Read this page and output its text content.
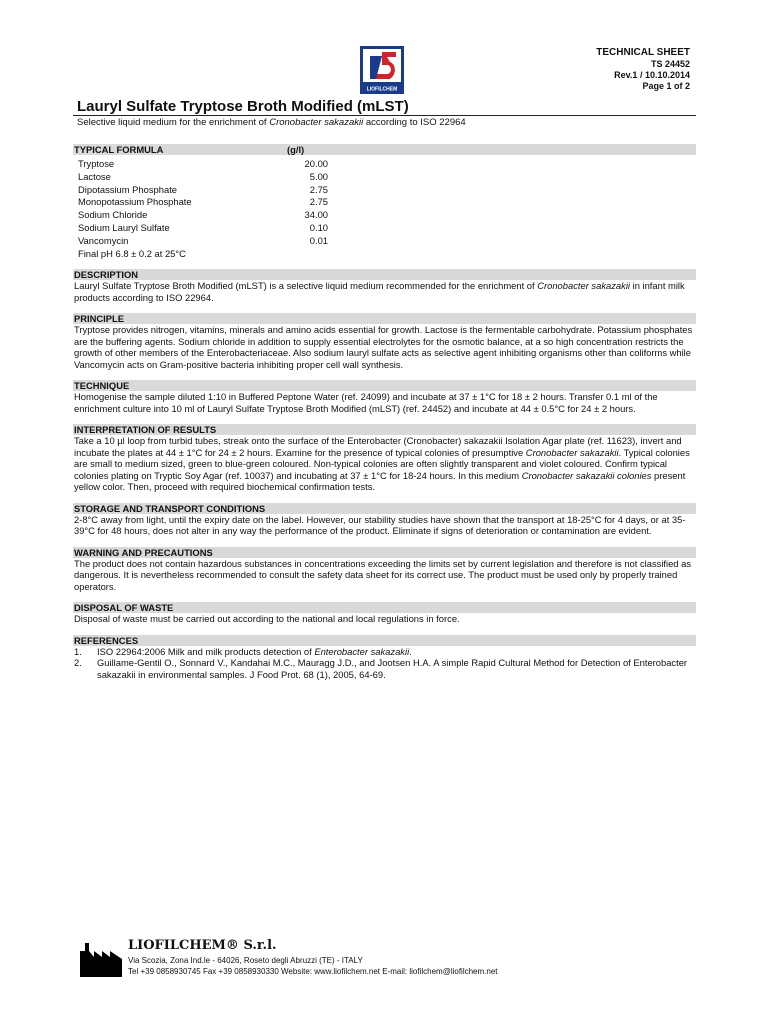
LIOFILCHEM
LIOFILCHEM	LIOFILCHEM
TECHNICAL SHEET
TS 24452
Rev.1 / 10.10.2014
Page 1 of 2
Lauryl Sulfate Tryptose Broth Modified (mLST)
Selective liquid medium for the enrichment of Cronobacter sakazakii according to ISO 22964
TYPICAL FORMULA	(g/l)
Tryptose	20.00
Lactose	5.00
Dipotassium Phosphate	2.75
Monopotassium Phosphate	2.75
Sodium Chloride	34.00
Sodium Lauryl Sulfate	0.10
Vancomycin	0.01
Final pH 6.8 ± 0.2 at 25°C
DESCRIPTION

Lauryl Sulfate Tryptose Broth Modified (mLST) is a selective liquid medium recommended for the enrichment of Cronobacter sakazakii in infant milk products according to ISO 22964.

PRINCIPLE

Tryptose provides nitrogen, vitamins, minerals and amino acids essential for growth. Lactose is the fermentable carbohydrate. Potassium phosphates are the buffering agents. Sodium chloride in addition to supply essential electrolytes for the osmotic balance, at a so high concentration restricts the growth of other members of the Enterobacteriaceae. Also sodium lauryl sulfate acts as selective agent inhibiting organisms other than coliforms while Vancomycin acts on Gram-positive bacteria inhibiting proper cell wall synthesis.

TECHNIQUE

Homogenise the sample diluted 1:10 in Buffered Peptone Water (ref. 24099) and incubate at 37 ± 1°C for 18 ± 2 hours. Transfer 0.1 ml of the enrichment culture into 10 ml of Lauryl Sulfate Tryptose Broth Modified (mLST) (ref. 24452) and incubate at 44 ± 0.5°C for 24 ± 2 hours.

INTERPRETATION OF RESULTS

Take a 10 µl loop from turbid tubes, streak onto the surface of the Enterobacter (Cronobacter) sakazakii Isolation Agar plate (ref. 11623), invert and incubate the plates at 44 ± 1°C for 24 ± 2 hours. Examine for the presence of typical colonies of presumptive Cronobacter sakazakii. Typical colonies are small to medium sized, green to blue-green coloured. Non-typical colonies are often slightly transparent and violet coloured. Confirm typical colonies plating on Tryptic Soy Agar (ref. 10037) and incubating at 37 ± 1°C for 18-24 hours. In this medium Cronobacter sakazakii colonies present yellow color. Then, proceed with required biochemical confirmation tests.

STORAGE AND TRANSPORT CONDITIONS

2-8°C away from light, until the expiry date on the label. However, our stability studies have shown that the transport at 18-25°C for 4 days, or at 35-39°C for 48 hours, does not alter in any way the performance of the product. Eliminate if signs of deterioration or contamination are evident.

WARNING AND PRECAUTIONS

The product does not contain hazardous substances in concentrations exceeding the limits set by current legislation and therefore is not classified as dangerous. It is nevertheless recommended to consult the safety data sheet for its correct use. The product must be used only by properly trained operators.

DISPOSAL OF WASTE

Disposal of waste must be carried out according to the national and local regulations in force.

REFERENCES
1. ISO 22964:2006 Milk and milk products detection of Enterobacter sakazakii.
2. Guillame-Gentil O., Sonnard V., Kandahai M.C., Mauragg J.D., and Jootsen H.A. A simple Rapid Cultural Method for Detection of Enterobacter sakazakii in environmental samples. J Food Prot. 68 (1), 2005, 64-69.
LIOFILCHEM® S.r.l.
Via Scozia, Zona Ind.le - 64026, Roseto degli Abruzzi (TE) - ITALY
Tel +39 0858930745 Fax +39 0858930330 Website: www.liofilchem.net E-mail: liofilchem@liofilchem.net
